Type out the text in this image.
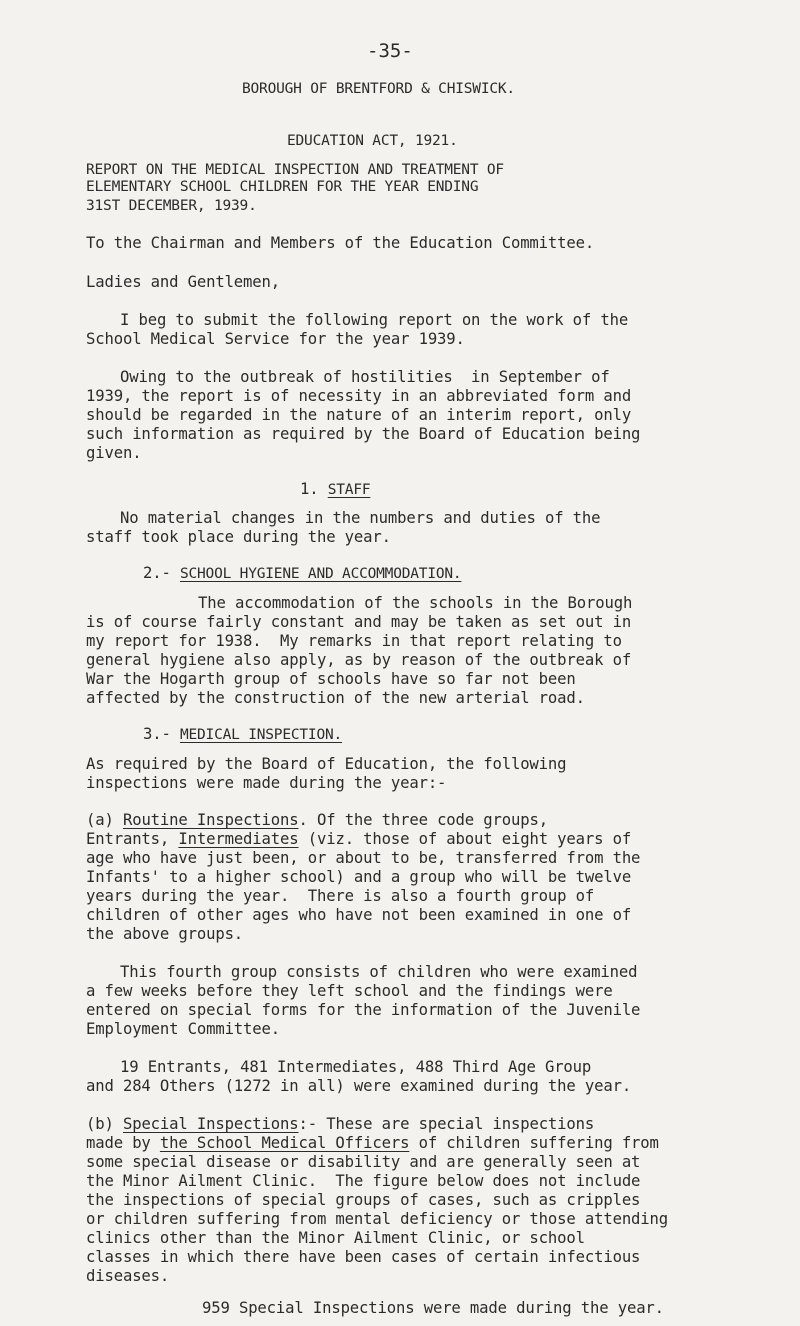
-35-
BOROUGH OF BRENTFORD & CHISWICK.
EDUCATION ACT, 1921.
REPORT ON THE MEDICAL INSPECTION AND TREATMENT OF
ELEMENTARY SCHOOL CHILDREN FOR THE YEAR ENDING
31ST DECEMBER, 1939.
To the Chairman and Members of the Education Committee.
Ladies and Gentlemen,
I beg to submit the following report on the work of the
School Medical Service for the year 1939.
Owing to the outbreak of hostilities  in September of
1939, the report is of necessity in an abbreviated form and
should be regarded in the nature of an interim report, only
such information as required by the Board of Education being
given.
1. STAFF
No material changes in the numbers and duties of the
staff took place during the year.
2.- SCHOOL HYGIENE AND ACCOMMODATION.
The accommodation of the schools in the Borough
is of course fairly constant and may be taken as set out in
my report for 1938.  My remarks in that report relating to
general hygiene also apply, as by reason of the outbreak of
War the Hogarth group of schools have so far not been
affected by the construction of the new arterial road.
3.- MEDICAL INSPECTION.
As required by the Board of Education, the following
inspections were made during the year:-
(a) Routine Inspections. Of the three code groups,
Entrants, Intermediates (viz. those of about eight years of
age who have just been, or about to be, transferred from the
Infants' to a higher school) and a group who will be twelve
years during the year.  There is also a fourth group of
children of other ages who have not been examined in one of
the above groups.
This fourth group consists of children who were examined
a few weeks before they left school and the findings were
entered on special forms for the information of the Juvenile
Employment Committee.
19 Entrants, 481 Intermediates, 488 Third Age Group
and 284 Others (1272 in all) were examined during the year.
(b) Special Inspections:- These are special inspections
made by the School Medical Officers of children suffering from
some special disease or disability and are generally seen at
the Minor Ailment Clinic.  The figure below does not include
the inspections of special groups of cases, such as cripples
or children suffering from mental deficiency or those attending
clinics other than the Minor Ailment Clinic, or school
classes in which there have been cases of certain infectious
diseases.
959 Special Inspections were made during the year.
